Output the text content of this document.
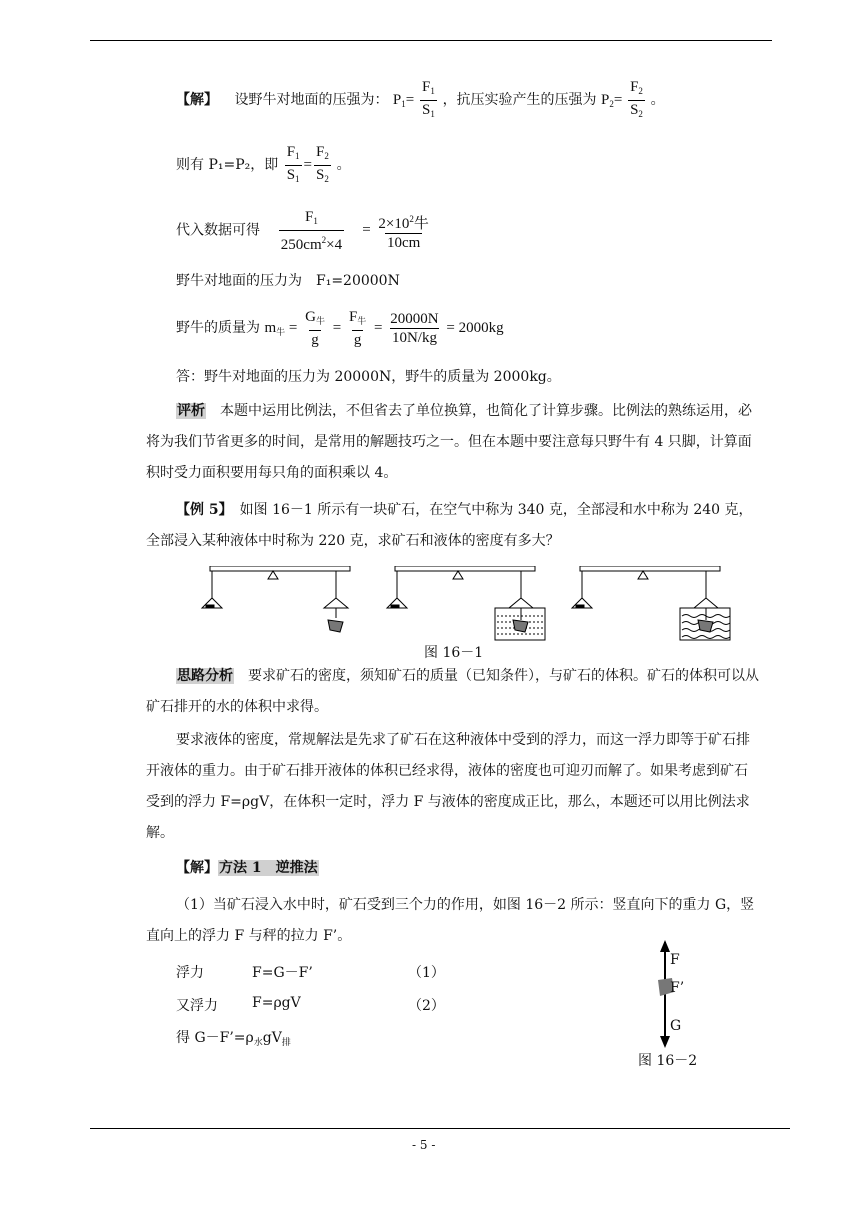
【解】 设野牛对地面的压强为： $P_1= \frac{F_1}{S_1}$ ，抗压实验产生的压强为 $P_2= \frac{F_2}{S_2}$ 。
则有 P₁=P₂，即 $\frac{F_1}{S_1} = \frac{F_2}{S_2}$ 。
代入数据可得 $\frac{F_1}{250cm^2\times 4} = \frac{2\times 10^2牛}{10cm}$
野牛对地面的压力为　F₁=20000N
野牛的质量为 $m_牛 = \frac{G_牛}{g} = \frac{F_牛}{g} = \frac{20000N}{10N/kg} = 2000kg$
答：野牛对地面的压力为 20000N，野牛的质量为 2000kg。
评析　本题中运用比例法，不但省去了单位换算，也简化了计算步骤。比例法的熟练运用，必将为我们节省更多的时间，是常用的解题技巧之一。但在本题中要注意每只野牛有 4 只脚，计算面积时受力面积要用每只角的面积乘以 4。
【例 5】　如图 16－1 所示有一块矿石，在空气中称为 340 克，全部浸和水中称为 240 克，全部浸入某种液体中时称为 220 克，求矿石和液体的密度有多大？
图 16－1
思路分析　要求矿石的密度，须知矿石的质量（已知条件），与矿石的体积。矿石的体积可以从矿石排开的水的体积中求得。
要求液体的密度，常规解法是先求了矿石在这种液体中受到的浮力，而这一浮力即等于矿石排开液体的重力。由于矿石排开液体的体积已经求得，液体的密度也可迎刃而解了。如果考虑到矿石受到的浮力 F=ρgV，在体积一定时，浮力 F 与液体的密度成正比，那么，本题还可以用比例法求解。
【解】方法 1　逆推法
（1）当矿石浸入水中时，矿石受到三个力的作用，如图 16－2 所示：竖直向下的重力 G，竖直向上的浮力 F 与秤的拉力 F’。
浮力	F=G－F’	（1）
又浮力 F=ρgV	（2）
得 $G-F’=\rho_水gV_排$
F
F’
G
图 16－2
- 5 -
